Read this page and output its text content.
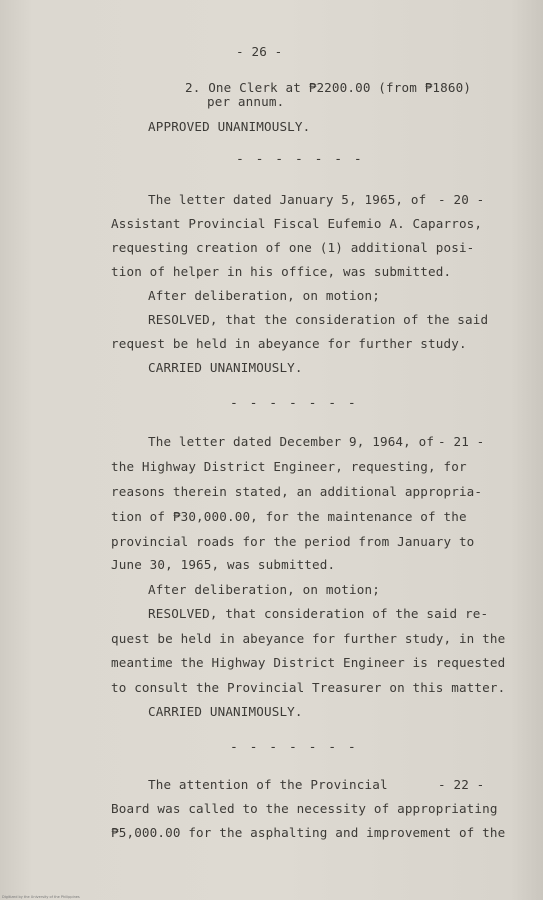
- 26 -
2. One Clerk at ₱2200.00 (from ₱1860)
per annum.
APPROVED UNANIMOUSLY.
- - - - - - -
The letter dated January 5, 1965, of - 20 -
Assistant Provincial Fiscal Eufemio A. Caparros,
requesting creation of one (1) additional posi-
tion of helper in his office, was submitted.
After deliberation, on motion;
RESOLVED, that the consideration of the said
request be held in abeyance for further study.
CARRIED UNANIMOUSLY.
- - - - - - -
The letter dated December 9, 1964, of - 21 -
the Highway District Engineer, requesting, for
reasons therein stated, an additional appropria-
tion of ₱30,000.00, for the maintenance of the
provincial roads for the period from January to
June 30, 1965, was submitted.
After deliberation, on motion;
RESOLVED, that consideration of the said re-
quest be held in abeyance for further study, in the
meantime the Highway District Engineer is requested
to consult the Provincial Treasurer on this matter.
CARRIED UNANIMOUSLY.
- - - - - - -
The attention of the Provincial	- 22 -
Board was called to the necessity of appropriating
₱5,000.00 for the asphalting and improvement of the
Digitized by the University of the Philippines
